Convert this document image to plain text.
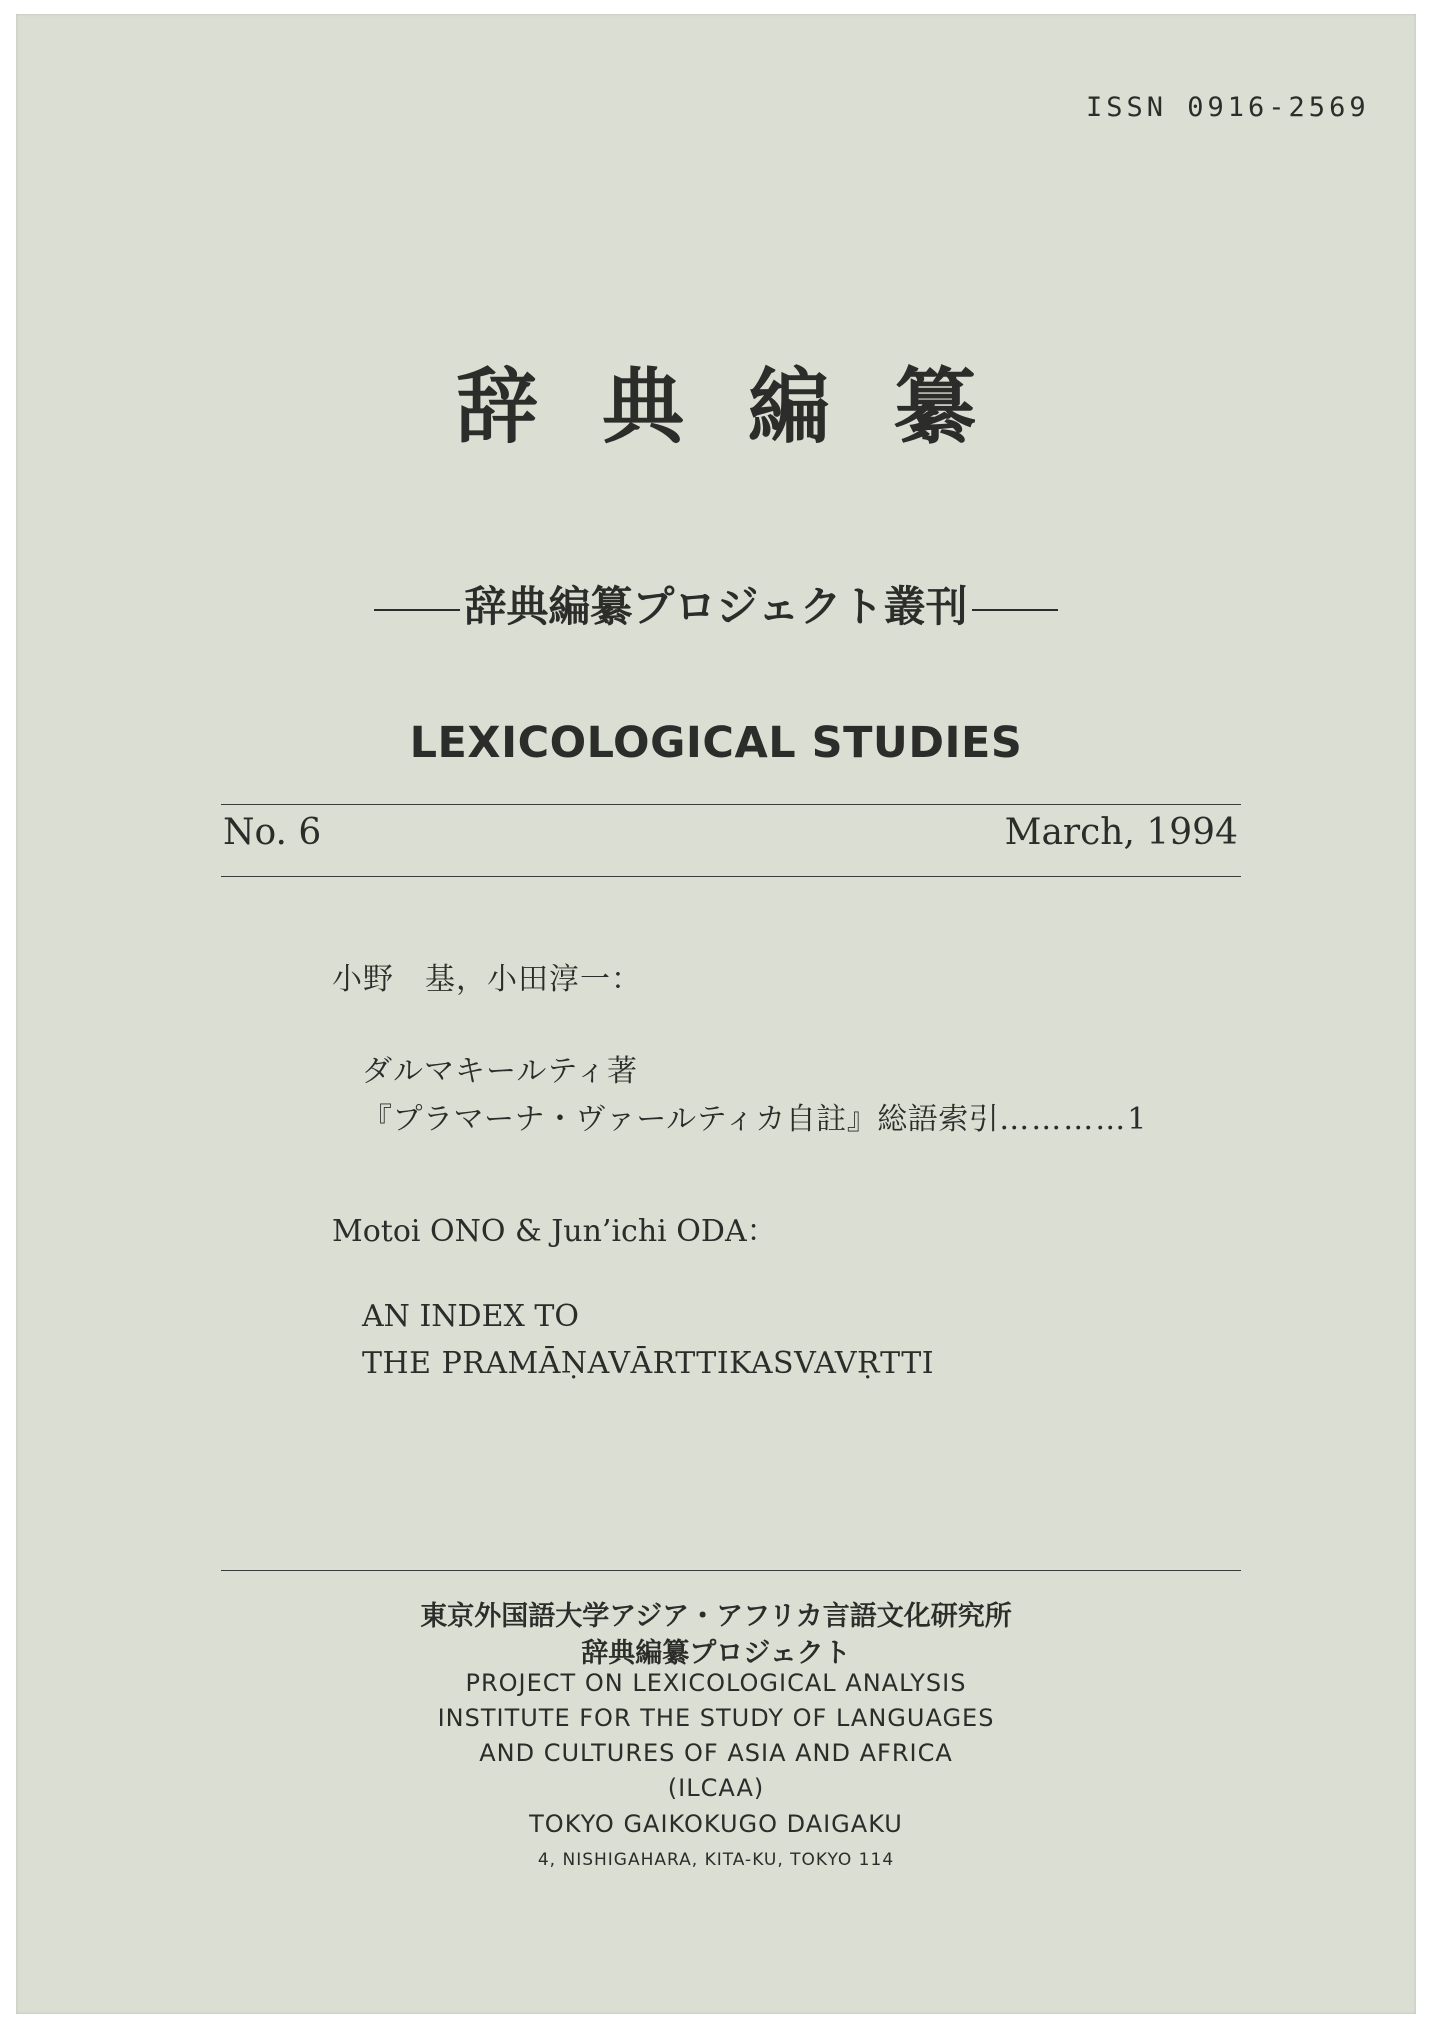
ISSN 0916-2569
辞典編纂
辞典編纂プロジェクト叢刊
LEXICOLOGICAL STUDIES
No. 6	March, 1994
小野　基，小田淳一：
ダルマキールティ著
『プラマーナ・ヴァールティカ自註』総語索引…………1
Motoi ONO & Jun’ichi ODA：
AN INDEX TO
THE PRAMĀṆAVĀRTTIKASVAVṚTTI
東京外国語大学アジア・アフリカ言語文化研究所
辞典編纂プロジェクト
PROJECT ON LEXICOLOGICAL ANALYSIS
INSTITUTE FOR THE STUDY OF LANGUAGES
AND CULTURES OF ASIA AND AFRICA
(ILCAA)
TOKYO GAIKOKUGO DAIGAKU
4, NISHIGAHARA, KITA-KU, TOKYO 114
